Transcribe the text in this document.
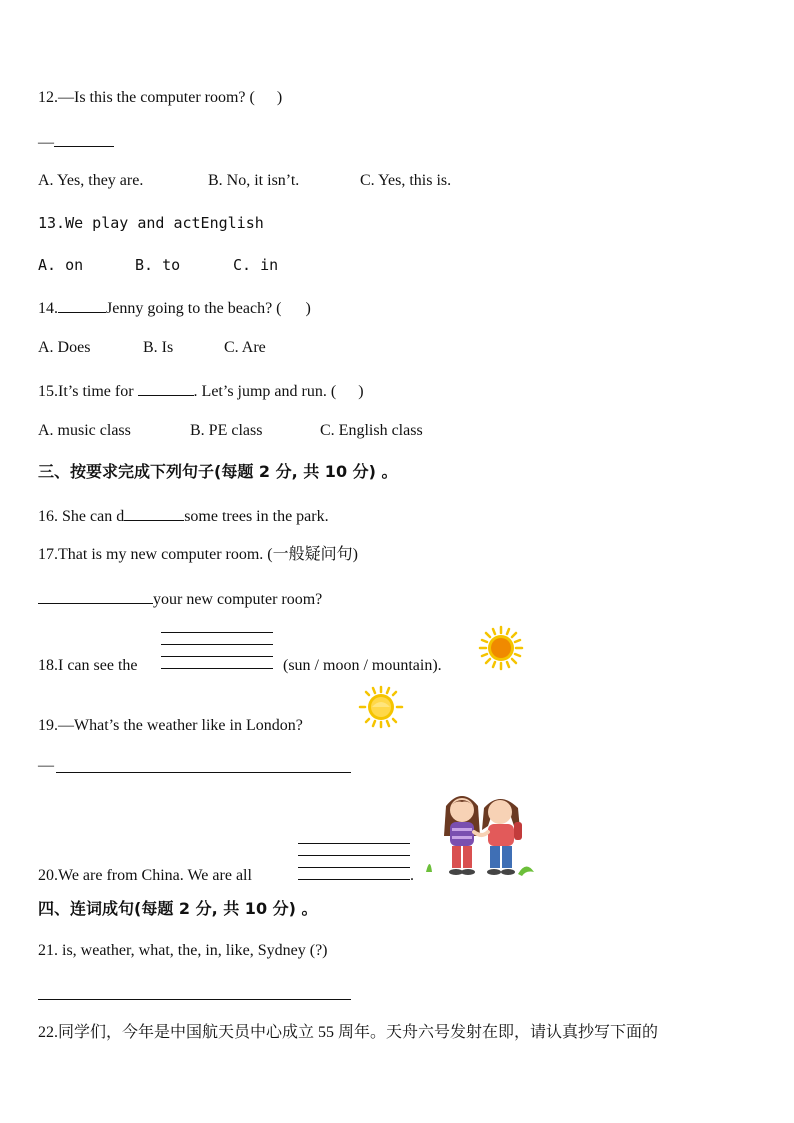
12.—Is this the computer room? ( )
—
A. Yes, they are.	B. No, it isn’t.	C. Yes, this is.
13.We play and actEnglish
A. on	B. to	C. in
14.	Jenny going to the beach? ( )
A. Does	B. Is	C. Are
15.It’s time for	. Let’s jump and run. ( )
A. music class	B. PE class	C. English class
三、按要求完成下列句子(每题 2 分, 共 10 分) 。
16. She can d	some trees in the park.
17.That is my new computer room. (一般疑问句)
your new computer room?
18.I can see the	(sun / moon / mountain).
19.—What’s the weather like in London?
—
20.We are from China. We are all	.
四、连词成句(每题 2 分, 共 10 分) 。
21. is, weather, what, the, in, like, Sydney (?)
22.同学们，今年是中国航天员中心成立 55 周年。天舟六号发射在即，请认真抄写下面的
